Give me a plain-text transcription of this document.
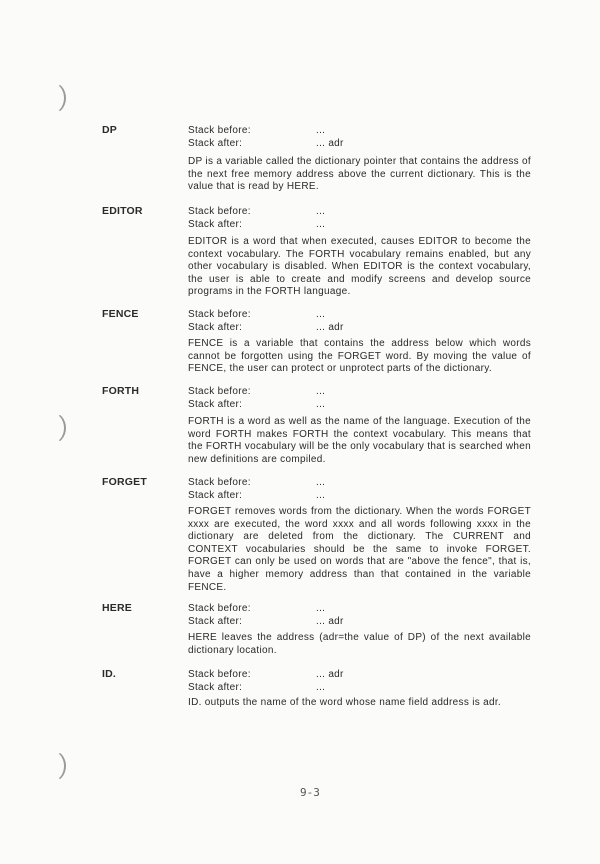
DP	Stack before:	...
Stack after:	... adr
DP is a variable called the dictionary pointer that contains the address of the next free memory address above the current dictionary. This is the value that is read by HERE.
EDITOR	Stack before:	...
Stack after:	...
EDITOR is a word that when executed, causes EDITOR to become the context vocabulary. The FORTH vocabulary remains enabled, but any other vocabulary is disabled. When EDITOR is the context vocabulary, the user is able to create and modify screens and develop source programs in the FORTH language.
FENCE	Stack before:	...
Stack after:	... adr
FENCE is a variable that contains the address below which words cannot be forgotten using the FORGET word. By moving the value of FENCE, the user can protect or unprotect parts of the dictionary.
FORTH	Stack before:	...
Stack after:	...
FORTH is a word as well as the name of the language. Execution of the word FORTH makes FORTH the context vocabulary. This means that the FORTH vocabulary will be the only vocabulary that is searched when new definitions are compiled.
FORGET	Stack before:	...
Stack after:	...
FORGET removes words from the dictionary. When the words FORGET xxxx are executed, the word xxxx and all words following xxxx in the dictionary are deleted from the dictionary. The CURRENT and CONTEXT vocabularies should be the same to invoke FORGET. FORGET can only be used on words that are "above the fence", that is, have a higher memory address than that contained in the variable FENCE.
HERE	Stack before:	...
Stack after:	... adr
HERE leaves the address (adr=the value of DP) of the next available dictionary location.
ID.	Stack before:	... adr
Stack after:	...
ID. outputs the name of the word whose name field address is adr.
9-3
